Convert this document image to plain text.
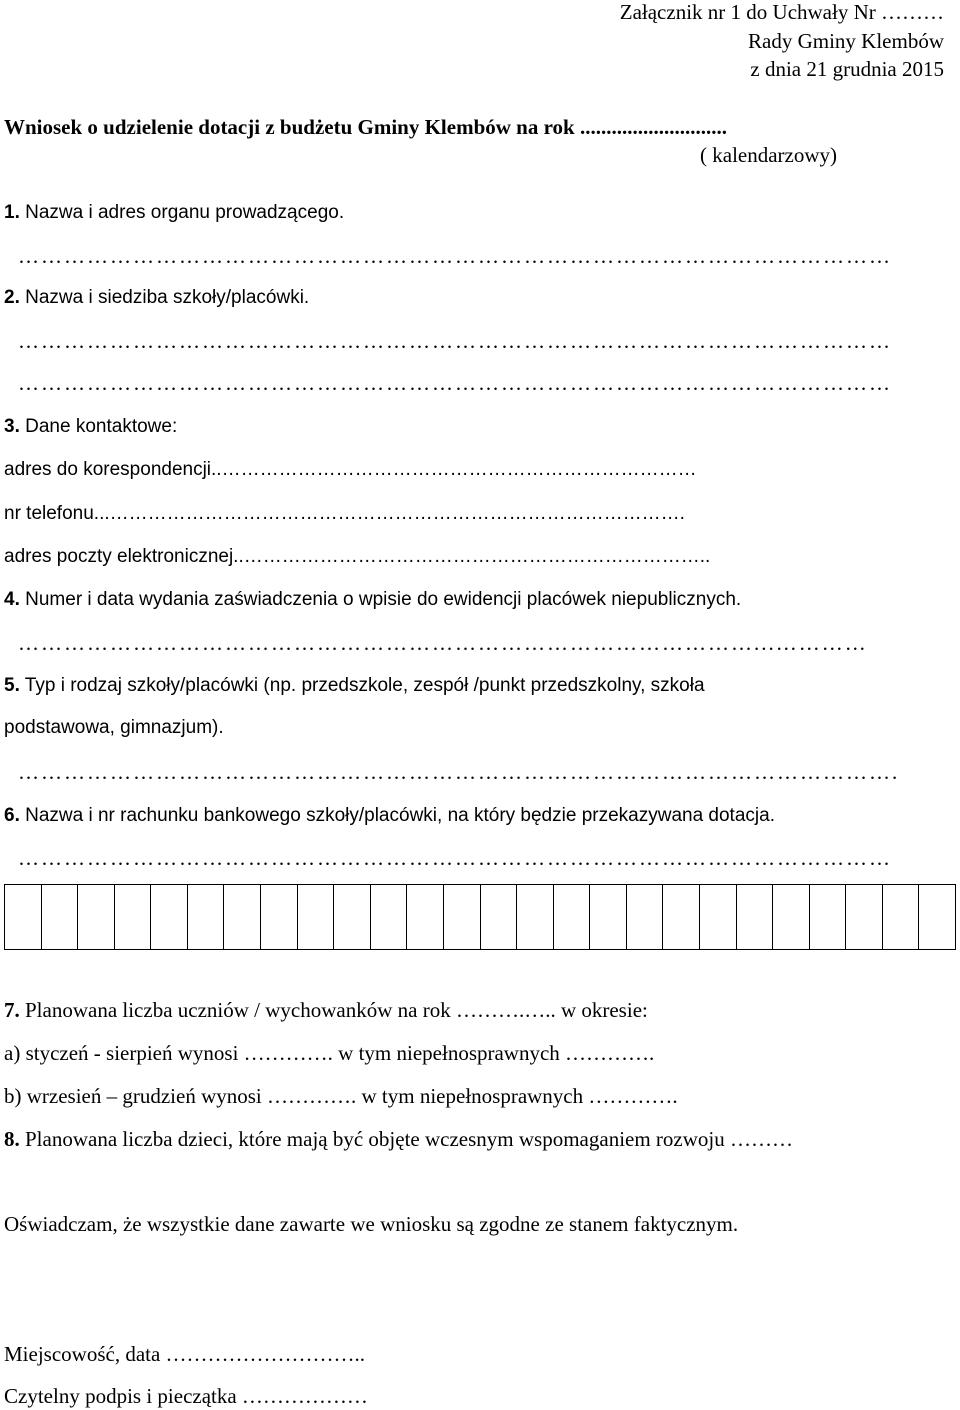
Załącznik nr 1 do Uchwały Nr ………
Rady Gminy Klembów
z dnia 21 grudnia 2015
Wniosek o udzielenie dotacji z budżetu Gminy Klembów na rok ............................
( kalendarzowy)
1. Nazwa i adres organu prowadzącego.
……………………………………………………………………………………………………
2. Nazwa i siedziba szkoły/placówki.
……………………………………………………………………………………………………
……………………………………………………………………………………………………
3. Dane kontaktowe:
adres do korespondencji..…………………………………………………………………
nr telefonu...……………………………………………………………………………….
adres poczty elektronicznej..………………………………………………………………..
4. Numer i data wydania zaświadczenia o wpisie do ewidencji placówek niepublicznych.
……………………………………………………………………………………...…………
5. Typ i rodzaj szkoły/placówki (np. przedszkole, zespół /punkt przedszkolny, szkoła
podstawowa, gimnazjum).
…………………………………………………………………………………………………….
6. Nazwa i nr rachunku bankowego szkoły/placówki, na który będzie przekazywana dotacja.
……………………………………………………………………………………………………
7. Planowana liczba uczniów / wychowanków na rok ……….….. w okresie:
a) styczeń - sierpień wynosi …………. w tym niepełnosprawnych ………….
b) wrzesień – grudzień wynosi …………. w tym niepełnosprawnych ………….
8. Planowana liczba dzieci, które mają być objęte wczesnym wspomaganiem rozwoju ………
Oświadczam, że wszystkie dane zawarte we wniosku są zgodne ze stanem faktycznym.
Miejscowość, data ………………………..
Czytelny podpis i pieczątka ………………
